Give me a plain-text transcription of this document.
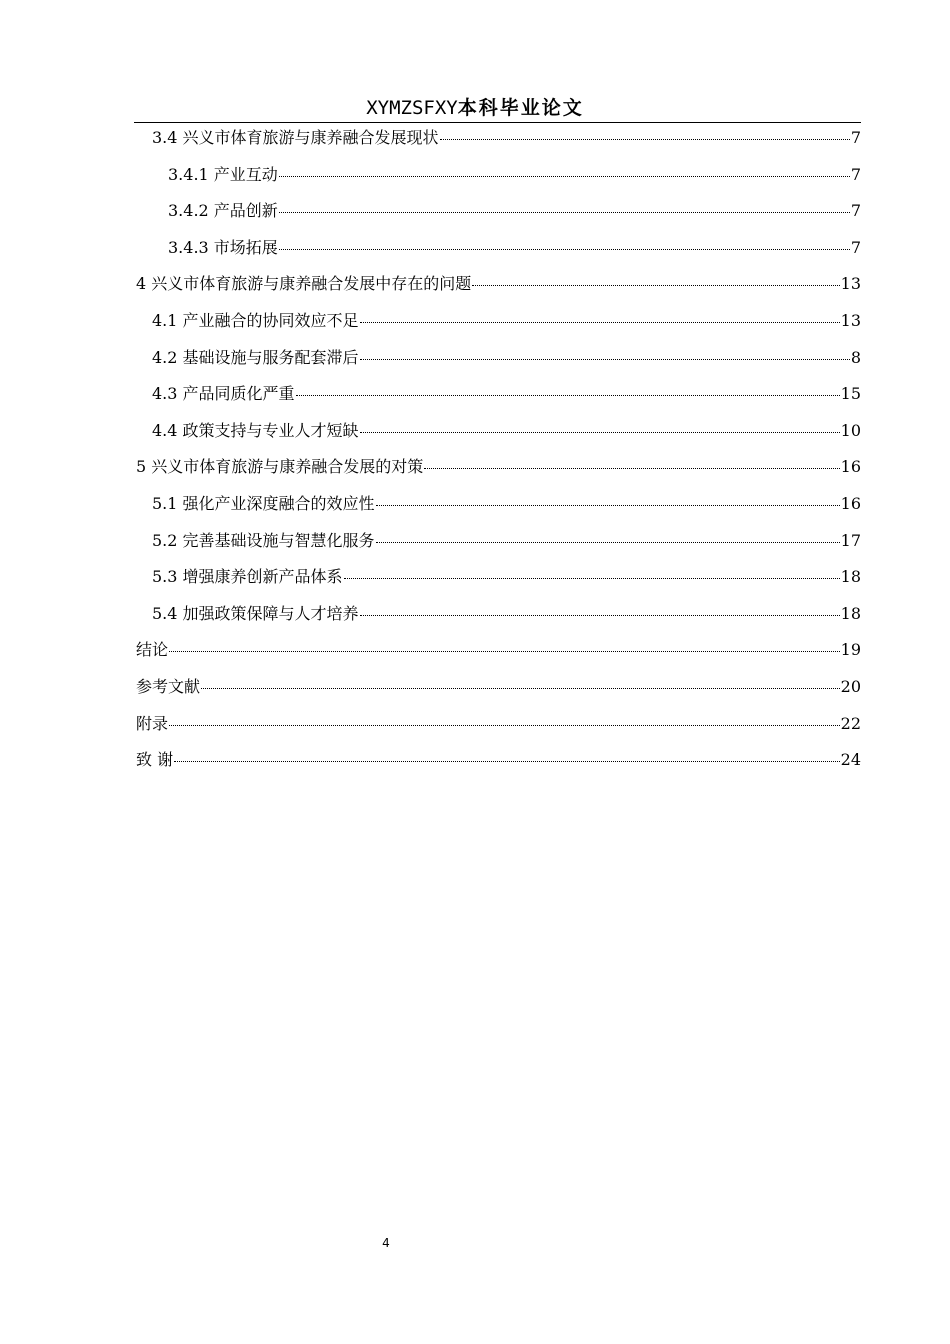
XYMZSFXY本科毕业论文
3.4 兴义市体育旅游与康养融合发展现状	7
3.4.1 产业互动	7
3.4.2 产品创新	7
3.4.3 市场拓展	7
4 兴义市体育旅游与康养融合发展中存在的问题	13
4.1 产业融合的协同效应不足	13
4.2 基础设施与服务配套滞后	8
4.3 产品同质化严重	15
4.4 政策支持与专业人才短缺	10
5 兴义市体育旅游与康养融合发展的对策	16
5.1 强化产业深度融合的效应性	16
5.2 完善基础设施与智慧化服务	17
5.3 增强康养创新产品体系	18
5.4 加强政策保障与人才培养	18
结论	19
参考文献	20
附录	22
致 谢	24
4
